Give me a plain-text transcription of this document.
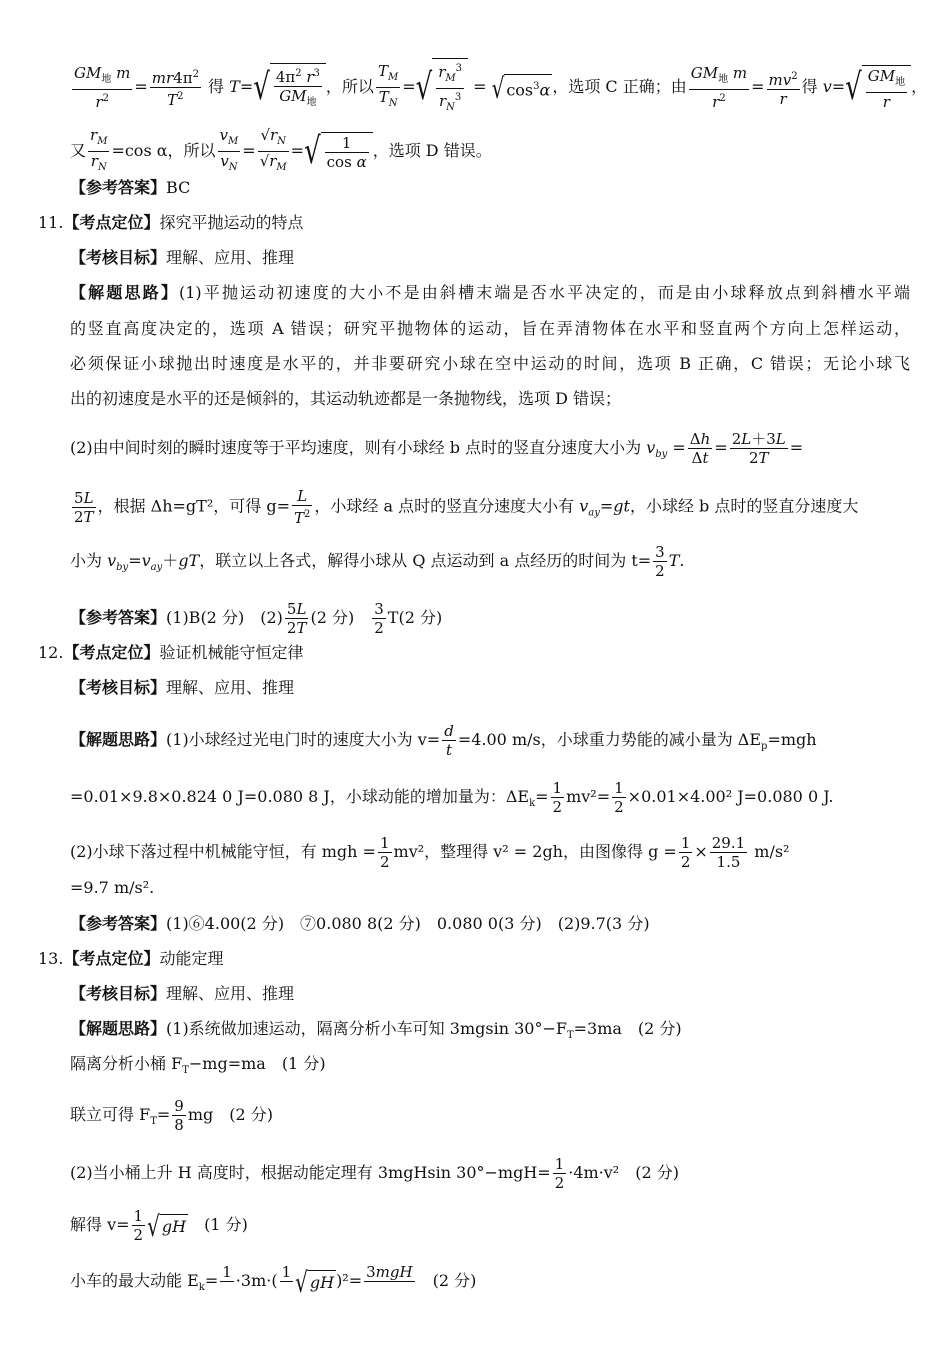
$\frac{GM_地 m}{r^2} = \frac{mr4\pi^2}{T^2}$ 得 $T=√ \frac{4\pi^2 r^3}{GM_地}$ ，所以 $\frac{T_M}{T_N}$ =√ $\frac{r_M^3}{r_N^3}$ = √ $\cos^3\alpha$ ，选项 C 正确；由 $\frac{GM_地 m}{r^2} = \frac{mv^2}{r}$ 得 $v=√ \frac{GM_地}{r}$ ，
又 $\frac{r_M}{r_N} =\cos$ α，所以 $\frac{v_M}{v_N} = \frac{√r_N}{√r_M}$ =√ $\frac{1}{\text{cos α}}$ ，选项 D 错误。
【参考答案】BC
11.【考点定位】探究平抛运动的特点
【考核目标】理解、应用、推理
【解题思路】(1)平抛运动初速度的大小不是由斜槽末端是否水平决定的，而是由小球释放点到斜槽水平端
的竖直高度决定的，选项 A 错误；研究平抛物体的运动，旨在弄清物体在水平和竖直两个方向上怎样运动，
必须保证小球抛出时速度是水平的，并非要研究小球在空中运动的时间，选项 B 正确，C 错误；无论小球飞
出的初速度是水平的还是倾斜的，其运动轨迹都是一条抛物线，选项 D 错误；
(2)由中间时刻的瞬时速度等于平均速度，则有小球经 b 点时的竖直分速度大小为 $v_{by} = \frac{\Delta h}{\Delta t} = \frac{2L+3L}{2T}$ =
$\frac{5L}{2T}$ ，根据 Δh=gT²，可得 $g= \frac{L}{T^2}$ ，小球经 a 点时的竖直分速度大小有 $v_{ay}=gt$，小球经 b 点时的竖直分速度大
小为 $v_{by}=v_{ay}+gT$，联立以上各式，解得小球从 Q 点运动到 a 点经历的时间为 $t= \frac{3}{2} T$.
【参考答案】(1)B(2 分)　 $(2) \frac{5L}{2T} (2$ 分)　 $\frac{3}{2} T(2$ 分)
12.【考点定位】验证机械能守恒定律
【考核目标】理解、应用、推理
【解题思路】(1)小球经过光电门时的速度大小为 $v= \frac{d}{t} =4.00$ m/s，小球重力势能的减小量为 $\Delta E_p=mgh$
=0.01×9.8×0.824 0 J=0.080 8 J，小球动能的增加量为：$\Delta E_k= \frac{1}{2} mv^2= \frac{1}{2} \times 0.01\times 4.00^2$ J=0.080 0 J.
(2)小球下落过程中机械能守恒，有 mgh = $\frac{1}{2} mv^2$，整理得 v² = 2gh，由图像得 $g = \frac{1}{2} \times \frac{29.1}{1.5} m/s^2$
=9.7 m/s².
【参考答案】(1)⑥4.00(2 分)　⑦0.080 8(2 分)　0.080 0(3 分)　(2)9.7(3 分)
13.【考点定位】动能定理
【考核目标】理解、应用、推理
【解题思路】(1)系统做加速运动，隔离分析小车可知 3mgsin $30^\circ-F_T=3ma$　(2 分)
隔离分析小桶 $F_T-mg=ma$　(1 分)
联立可得 $F_T= \frac{9}{8}$ mg　(2 分)
(2)当小桶上升 H 高度时，根据动能定理有 3mgHsin $30^\circ-mgH= \frac{1}{2} \cdot 4m\cdot v^2$　(2 分)
解得 $v= \frac{1}{2}$ √ gH　 (1 分)
小车的最大动能 $E_k= 1$
·3m·( 1
√ gH )²= 3mgH

　 (2 分)
